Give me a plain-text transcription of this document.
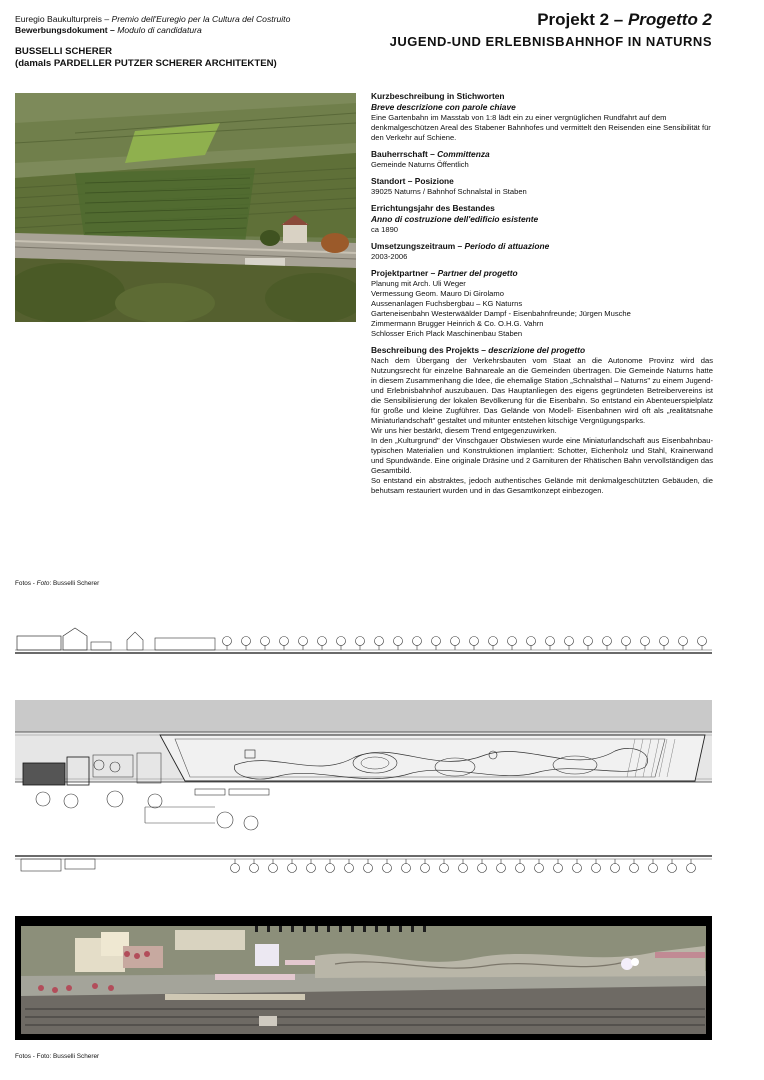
Euregio Baukulturpreis – Premio dell'Euregio per la Cultura del Costruito
Bewerbungsdokument – Modulo di candidatura
BUSSELLI SCHERER
(damals PARDELLER PUTZER SCHERER ARCHITEKTEN)
Projekt 2 – Progetto 2
JUGEND-UND ERLEBNISBAHNHOF IN NATURNS
Fotos - Foto: Busselli Scherer
Kurzbeschreibung in Stichworten
Breve descrizione con parole chiave
Eine Gartenbahn im Masstab von 1:8 lädt ein zu einer vergnüglichen Rundfahrt auf dem denkmalgeschützen Areal des Stabener Bahnhofes und vermittelt den Reisenden eine Sensibilität für den Verkehr auf Schiene.
Bauherrschaft – Committenza
Gemeinde Naturns Öffentlich
Standort – Posizione
39025 Naturns / Bahnhof Schnalstal in Staben
Errichtungsjahr des Bestandes
Anno di costruzione dell'edificio esistente
ca 1890
Umsetzungszeitraum – Periodo di attuazione
2003-2006
Projektpartner – Partner del progetto
Planung mit Arch. Uli Weger
Vermessung Geom. Mauro Di Girolamo
Aussenanlagen Fuchsbergbau – KG Naturns
Garteneisenbahn Westerwäälder Dampf - Eisenbahnfreunde; Jürgen Musche
Zimmermann Brugger Heinrich & Co. O.H.G. Vahrn
Schlosser Erich Plack Maschinenbau Staben
Beschreibung des Projekts – descrizione del progetto
Nach dem Übergang der Verkehrsbauten vom Staat an die Autonome Provinz wird das Nutzungsrecht für einzelne Bahnareale an die Gemeinden übertragen. Die Gemeinde Naturns hatte in diesem Zusammenhang die Idee, die ehemalige Station „Schnalsthal – Naturns" zu einem Jugend- und Erlebnisbahnhof auszubauen. Das Hauptanliegen des eigens gegründeten Betreibervereins ist die Sensibilisierung der lokalen Bevölkerung für die Eisenbahn. So entstand ein Abenteuerspielplatz für große und kleine Zugführer. Das Gelände von Modell- Eisenbahnen wird oft als „realitätsnahe Miniaturlandschaft" gestaltet und mitunter entstehen kitschige Vergnügungsparks.
Wir uns hier bestärkt, diesem Trend entgegenzuwirken.
In den „Kulturgrund" der Vinschgauer Obstwiesen wurde eine Miniaturlandschaft aus Eisenbahnbau-typischen Materialien und Konstruktionen implantiert: Schotter, Eichenholz und Stahl, Krainerwand und Spundwände. Eine originale Dräsine und 2 Garnituren der Rhätischen Bahn vervollständigen das Gesamtbild.
So entstand ein abstraktes, jedoch authentisches Gelände mit denkmalgeschützten Gebäuden, die behutsam restauriert wurden und in das Gesamtkonzept einbezogen.
Fotos - Foto: Busselli Scherer
